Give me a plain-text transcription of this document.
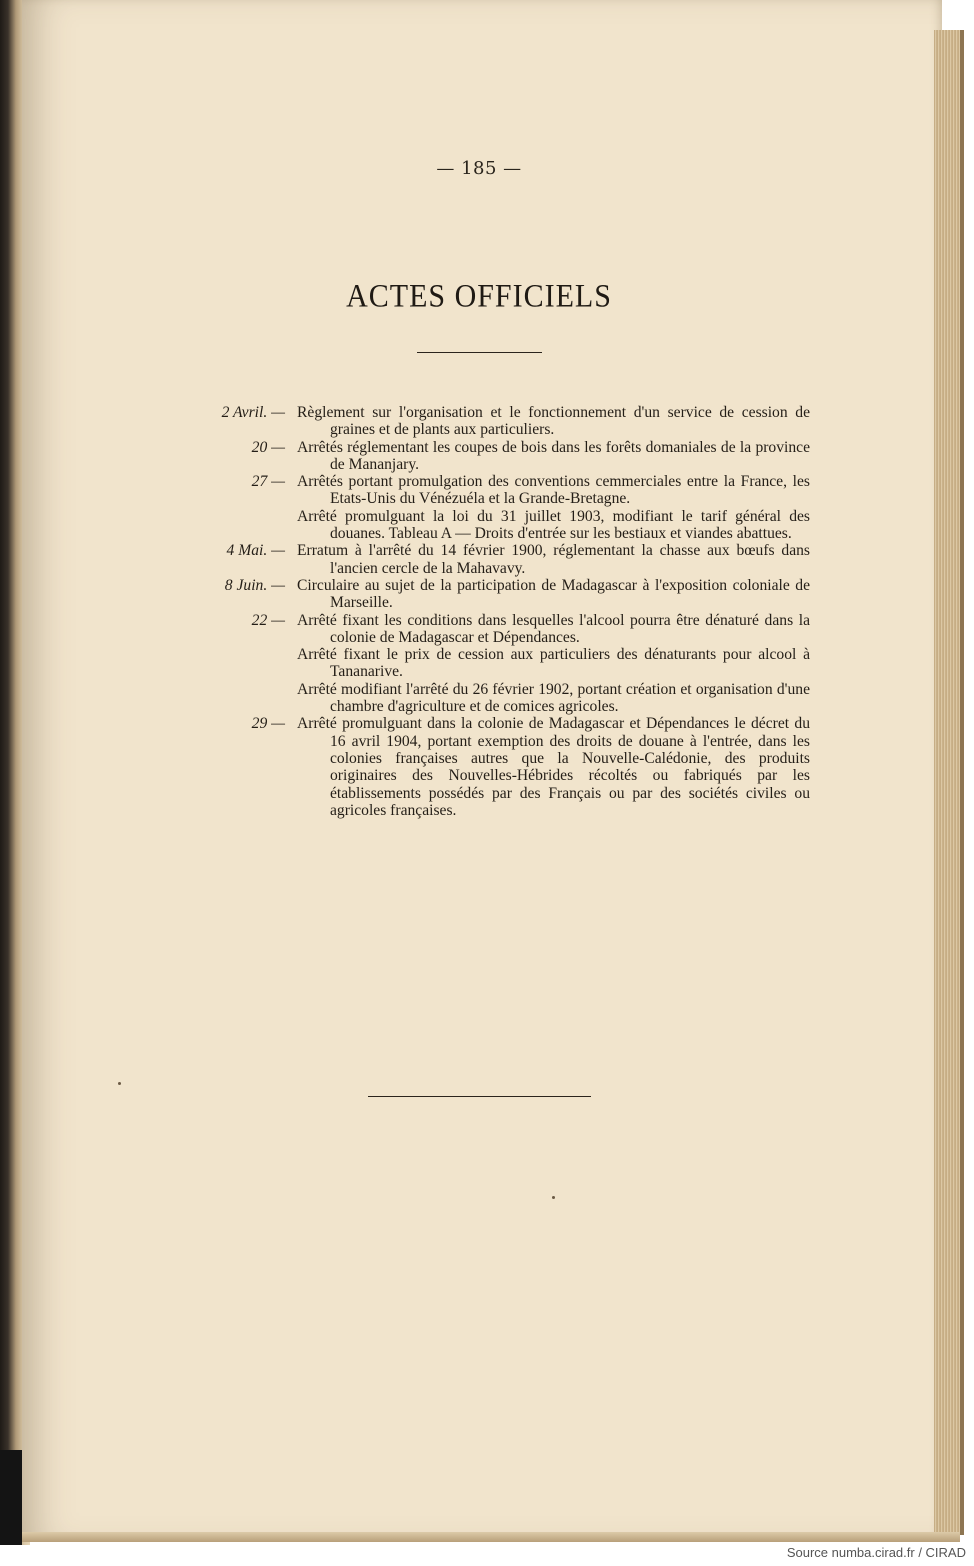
— 185 —
ACTES OFFICIELS
2 Avril. — Règlement sur l'organisation et le fonctionnement d'un service de cession de graines et de plants aux particuliers.
20 — Arrêtés réglementant les coupes de bois dans les forêts domaniales de la province de Mananjary.
27 — Arrêtés portant promulgation des conventions cemmerciales entre la France, les Etats-Unis du Vénézuéla et la Grande-Bretagne.
Arrêté promulguant la loi du 31 juillet 1903, modifiant le tarif général des douanes. Tableau A — Droits d'entrée sur les bestiaux et viandes abattues.
4 Mai. — Erratum à l'arrêté du 14 février 1900, réglementant la chasse aux bœufs dans l'ancien cercle de la Mahavavy.
8 Juin. — Circulaire au sujet de la participation de Madagascar à l'exposition coloniale de Marseille.
22 — Arrêté fixant les conditions dans lesquelles l'alcool pourra être dénaturé dans la colonie de Madagascar et Dépendances.
Arrêté fixant le prix de cession aux particuliers des dénaturants pour alcool à Tananarive.
Arrêté modifiant l'arrêté du 26 février 1902, portant création et organisation d'une chambre d'agriculture et de comices agricoles.
29 — Arrêté promulguant dans la colonie de Madagascar et Dépendances le décret du 16 avril 1904, portant exemption des droits de douane à l'entrée, dans les colonies françaises autres que la Nouvelle-Calédonie, des produits originaires des Nouvelles-Hébrides récoltés ou fabriqués par les établissements possédés par des Français ou par des sociétés civiles ou agricoles françaises.
Source numba.cirad.fr / CIRAD
